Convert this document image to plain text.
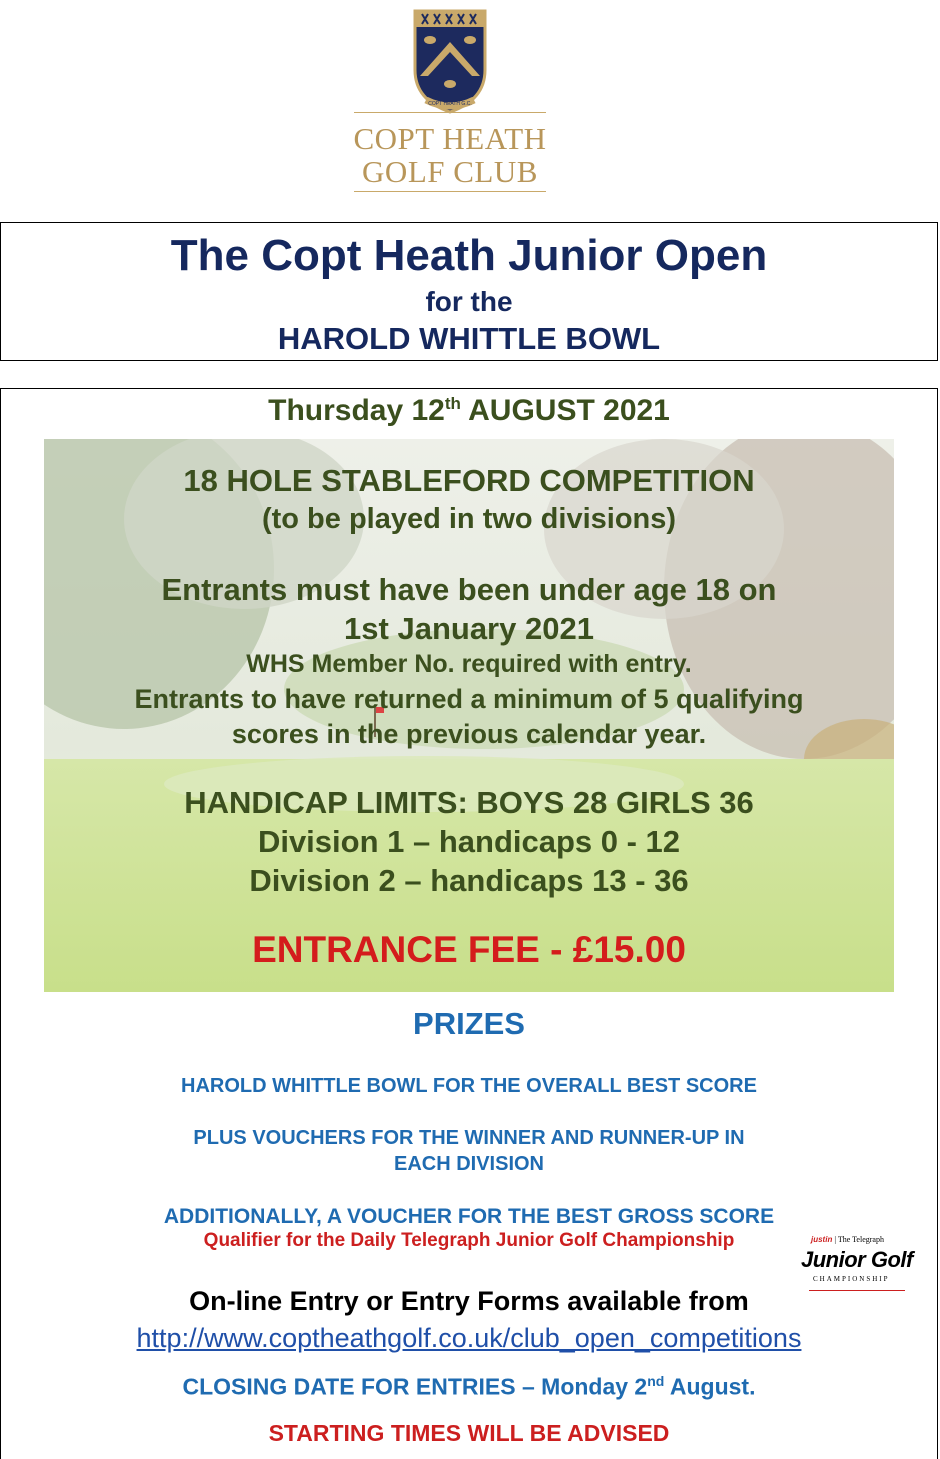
COPT HEATH G.C.
COPT HEATH
GOLF CLUB
The Copt Heath Junior Open
for the
HAROLD WHITTLE BOWL
Thursday 12th AUGUST 2021
18 HOLE STABLEFORD COMPETITION
(to be played in two divisions)
Entrants must have been under age 18 on
1st January 2021
WHS Member No. required with entry.
Entrants to have returned a minimum of 5 qualifying
scores in the previous calendar year.
HANDICAP LIMITS: BOYS 28 GIRLS 36
Division 1 – handicaps 0 - 12
Division 2 – handicaps 13 - 36
ENTRANCE FEE - £15.00
PRIZES
HAROLD WHITTLE BOWL FOR THE OVERALL BEST SCORE
PLUS VOUCHERS FOR THE WINNER AND RUNNER-UP IN
EACH DIVISION
ADDITIONALLY, A VOUCHER FOR THE BEST GROSS SCORE
Qualifier for the Daily Telegraph Junior Golf Championship	justin | The Telegraph
Junior Golf
CHAMPIONSHIP
On-line Entry or Entry Forms available from
http://www.coptheathgolf.co.uk/club_open_competitions
CLOSING DATE FOR ENTRIES – Monday 2nd August.
STARTING TIMES WILL BE ADVISED
